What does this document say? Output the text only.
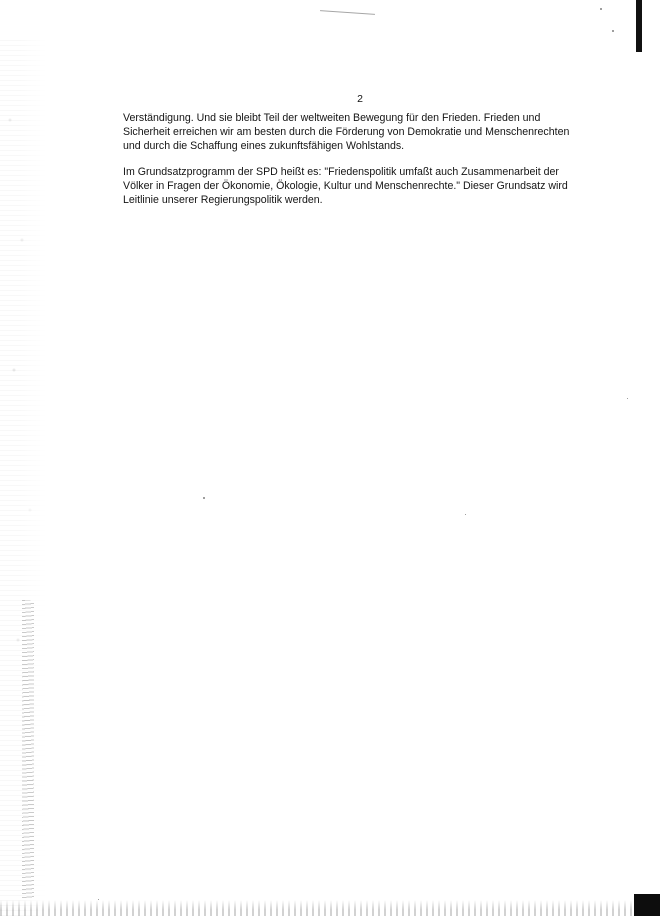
2

Verständigung. Und sie bleibt Teil der weltweiten Bewegung für den Frieden. Frieden und
Sicherheit erreichen wir am besten durch die Förderung von Demokratie und Menschenrechten
und durch die Schaffung eines zukunftsfähigen Wohlstands.

Im Grundsatzprogramm der SPD heißt es: "Friedenspolitik umfaßt auch Zusammenarbeit der
Völker in Fragen der Ökonomie, Ökologie, Kultur und Menschenrechte." Dieser Grundsatz wird
Leitlinie unserer Regierungspolitik werden.
